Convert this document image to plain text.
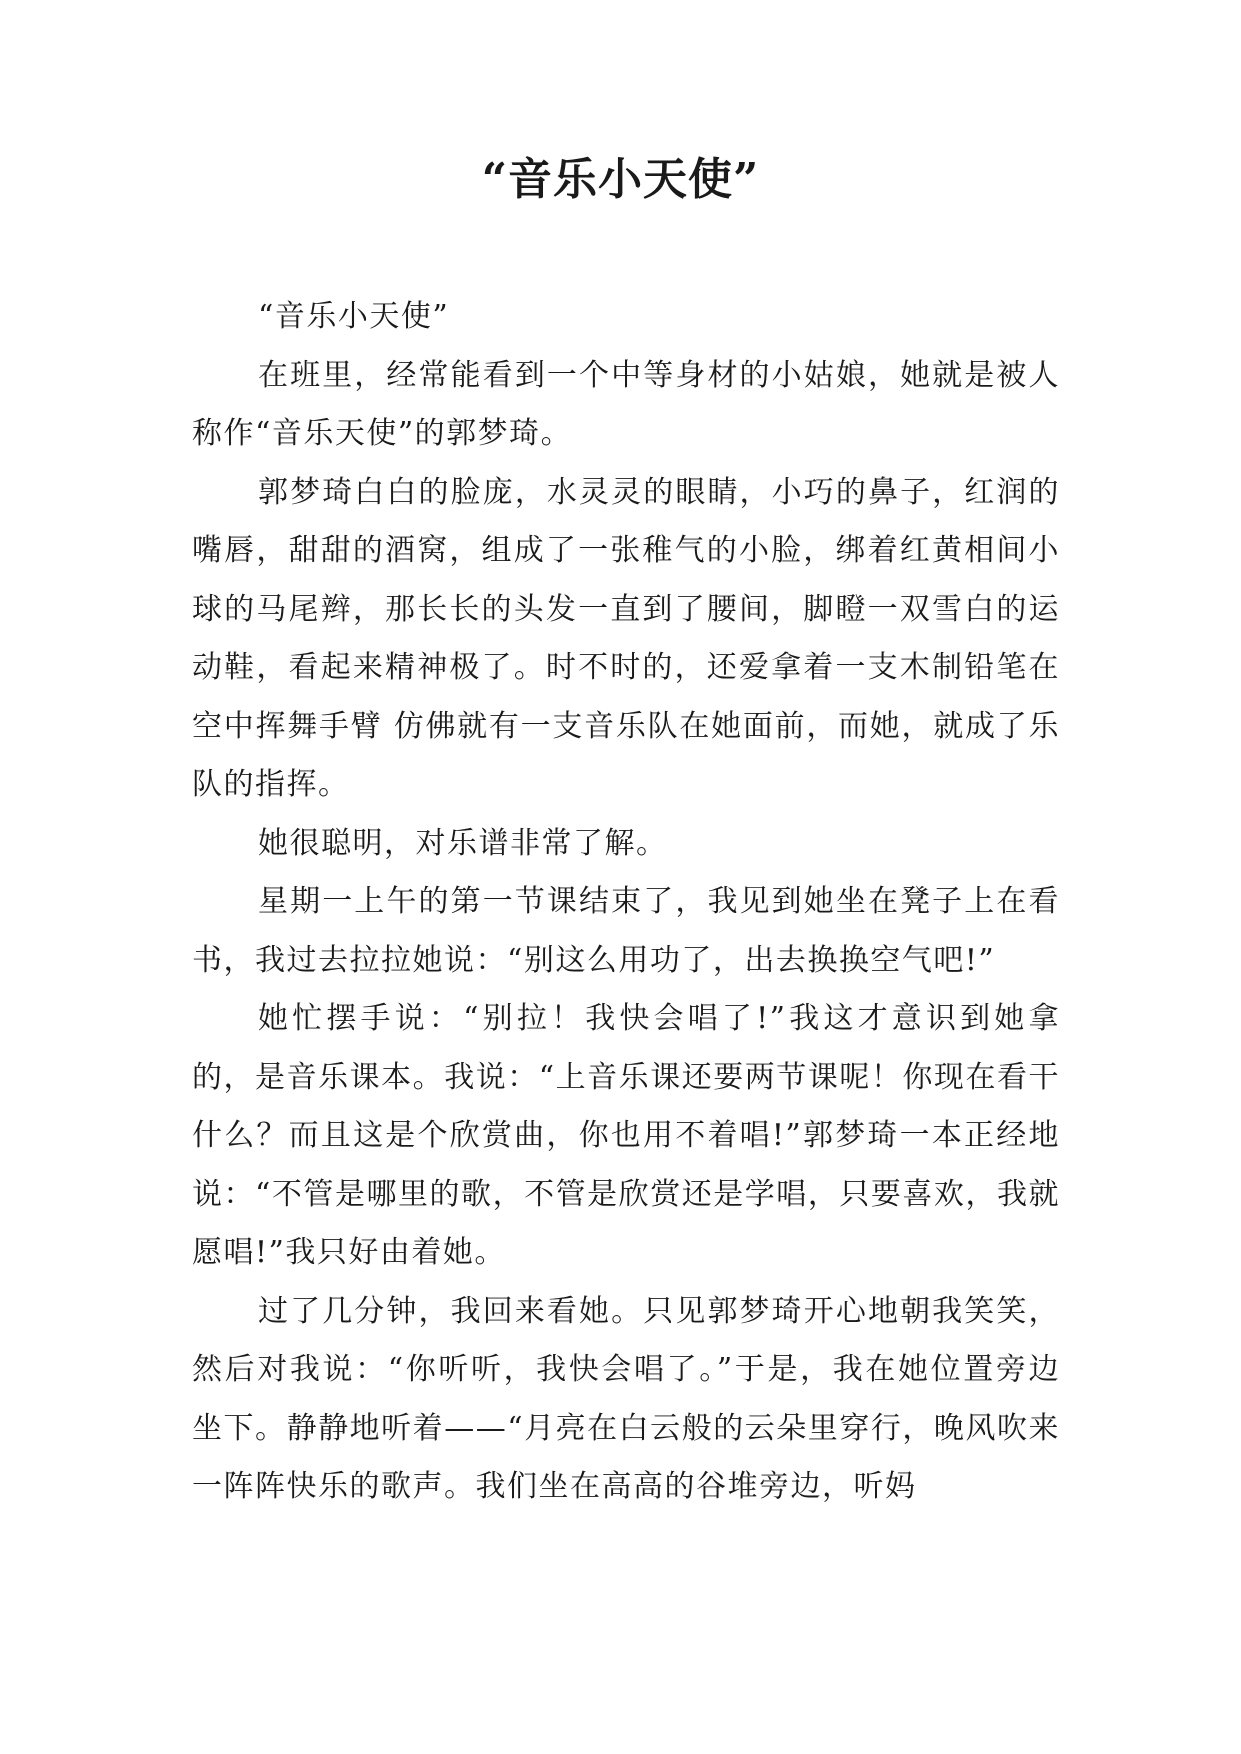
“音乐小天使”

“音乐小天使”

在班里，经常能看到一个中等身材的小姑娘，她就是被人称作“音乐天使”的郭梦琦。

郭梦琦白白的脸庞，水灵灵的眼睛，小巧的鼻子，红润的嘴唇，甜甜的酒窝，组成了一张稚气的小脸，绑着红黄相间小球的马尾辫，那长长的头发一直到了腰间，脚瞪一双雪白的运动鞋，看起来精神极了。时不时的，还爱拿着一支木制铅笔在空中挥舞手臂 仿佛就有一支音乐队在她面前，而她，就成了乐队的指挥。

她很聪明，对乐谱非常了解。

星期一上午的第一节课结束了，我见到她坐在凳子上在看书，我过去拉拉她说：“别这么用功了，出去换换空气吧!”

她忙摆手说：“别拉！我快会唱了!”我这才意识到她拿的，是音乐课本。我说：“上音乐课还要两节课呢！你现在看干什么？而且这是个欣赏曲，你也用不着唱!”郭梦琦一本正经地说：“不管是哪里的歌，不管是欣赏还是学唱，只要喜欢，我就愿唱!”我只好由着她。

过了几分钟，我回来看她。只见郭梦琦开心地朝我笑笑，然后对我说：“你听听，我快会唱了。”于是，我在她位置旁边坐下。静静地听着——“月亮在白云般的云朵里穿行，晚风吹来一阵阵快乐的歌声。我们坐在高高的谷堆旁边，听妈
